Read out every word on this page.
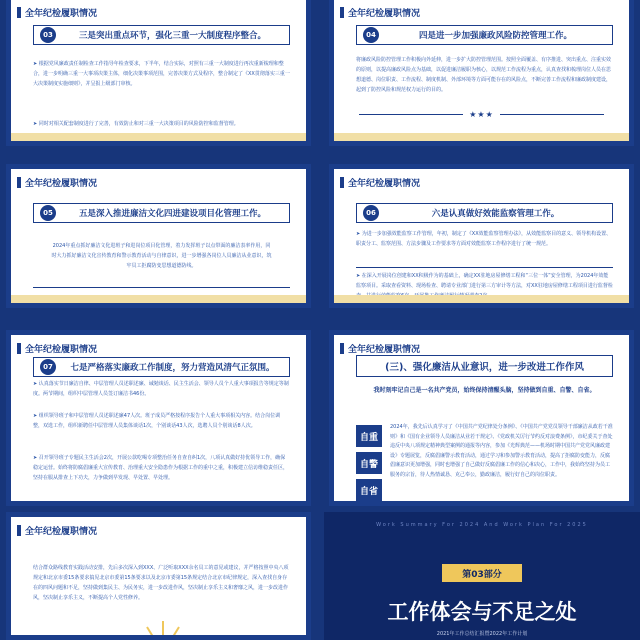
全年纪检履职情况
03	三是突出重点环节，强化三重一大制度程序整合。
➤ 根据党风廉政责任制检查工作指导年检查要求，下半年，结合实际，对照有三重一大制度进行再次重新梳理和整合，进一步明确三重一大事项决策主体，细化决策事项范围，完善决策方式及程序，整合制定了《XX贯彻落实三重一大决策制度实施细则》，并呈报上级部门审核。
➤ 同时对相关配套制度进行了完善，有效防止和对三重一大决策项目的风险防控和监督管理。
全年纪检履职情况
04	四是进一步加强廉政风险防控管理工作。
将廉政风险防控管理工作积极向外延伸，进一步扩大防控管理范围。按照全面覆盖、有序推进、突出重点、注重实效的原则，以提高廉政风险点为基础，以促进廉洁履职为核心，以规范工作流程为重点，认真查找和梳理岗位人员在思想道德、岗位职责、工作流程、制度机制、外部环境等方面可能存在的风险点，不断完善工作流程和廉政制度建设，起到了防控风险和规范权力运行的目的。
★★★
全年纪检履职情况
05	五是深入推进廉洁文化四进建设项目化管理工作。
2024年重点抓好廉洁文化进班子和进岗位项目化管理，着力发挥班子以点带面的廉洁表率作用，同时大力抓好廉洁文化宣传教育和警示教育活动与自律意识，进一步增强各岗位人员廉洁从业意识，筑牢员工拒腐防变思想道德防线。
全年纪检履职情况
06	六是认真做好效能监察管理工作。
➤ 为进一步加强效能监察工作管理，年初，制定了《XX效能监察管理办法》，从效能监察目的意义、领导机构设置、职责分工、监察范围、方法步骤及工作要求等方面对效能监察工作程序进行了统一规范。
➤ 在深入开展岗位创建和XX积极作为的基础上，确定XX驻地房屋修缮工程和“三位一体”安全管理，为2024年效能监察项目。采取查看资料、现场检查、聘请专业部门进行第三方审计等方法，对XX驻地房屋修缮工程项目进行监督检
全年纪检履职情况
07	七是严格落实廉政工作制度，努力营造风清气正氛围。
➤ 认真落实节日廉洁自律、中层管理人员述职述廉、诫勉谈话、民主生活会、领导人员个人重大事项报告等规定等制度。两节期间，组织中层管理人员签订廉洁书46份。
➤ 组织领导班子和中层管理人员述职述廉47人次。班子成员严格按程序报告个人重大事项相关内容。结合岗位调整，双选工作，组织新聘任中层管理人员集体谈话1次，个别谈话43人次，选聘人员个别谈话8人次。
➤ 召开领导班子专题民主生活会2次，开展公款吃喝专项整治任务自查自纠1次，八项认真做好持优领导工作，确保稳定运营。始终将防腐倡廉重大宣传教育、治理重大安全隐患作为根据工作的重中之重，积极建立信访维稳责任区，坚持在服从排查上下功夫，力争做到早发现、早处置、早处理。
全年纪检履职情况
(三)、强化廉洁从业意识，进一步改进工作作风
我时刻牢记自己是一名共产党员，始终保持清醒头脑，坚持做到自重、自警、自省。
自重
自警
自省
2024年，我先后认真学习了《中国共产党纪律处分条例》、《中国共产党党员领导干部廉洁从政若干准则》和《国有企业领导人员廉洁从业若干规定》、《党政机关厉行节约反对浪费条例》，市纪委关于查处违反中央八项规定精神典型案例的通报等内容，参加《光辉典范——机场时期中国共产党党风廉政建设》专题展览，反腐倡廉警示教育活动，通过学习和参加警示教育活动，提高了拒腐防变能力，反腐倡廉意识更加增强，同时也增强了自己做好反腐倡廉工作的信心和决心，工作中，我始终坚持为员工服务的宗旨，待人热情诚恳、克己奉公，勤政廉洁，履行好自己的岗位职责。
全年纪检履职情况
结合群众路线教育实践活动安排，先后多次深入到XXX、广泛听取XXX余名员工的意见或建议，并严格按照中央八项规定和北京市委15条要求搞见北京市委第15条要求以及北京市委第15条规定结合北京市纪律规定，深入查找自身存在的四风问题和不足，坚持做到集民主、为民务实，进一步改进作风，坚决制止享乐主义和奢靡之风，进一步改进作风，坚决制止享乐主义，不断提高个人党性修养。
Work Summary For 2024 And Work Plan For 2025
第03部分
工作体会与不足之处
2021年工作总结汇报暨2022年工作计划
